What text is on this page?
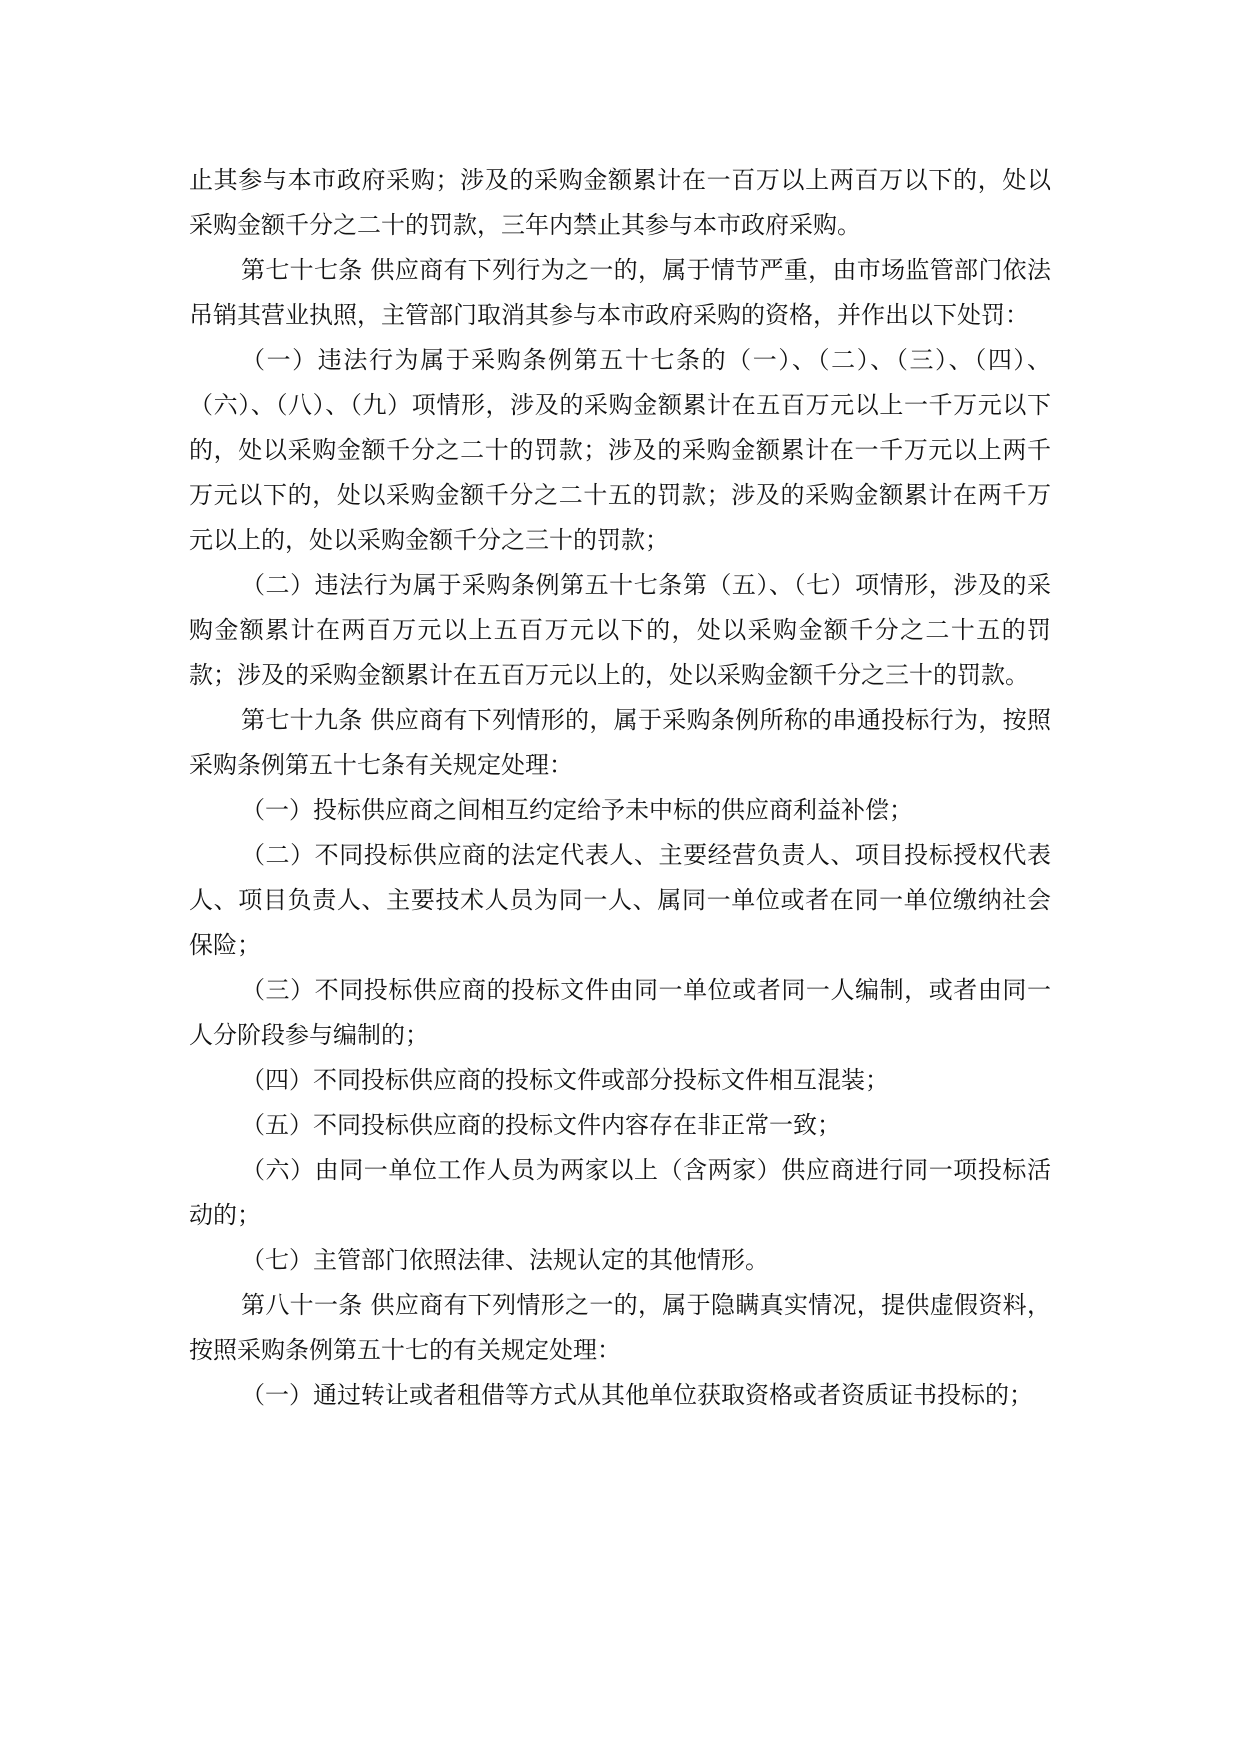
止其参与本市政府采购；涉及的采购金额累计在一百万以上两百万以下的，处以采购金额千分之二十的罚款，三年内禁止其参与本市政府采购。

第七十七条 供应商有下列行为之一的，属于情节严重，由市场监管部门依法吊销其营业执照，主管部门取消其参与本市政府采购的资格，并作出以下处罚：

（一）违法行为属于采购条例第五十七条的（一）、（二）、（三）、（四）、（六）、（八）、（九）项情形，涉及的采购金额累计在五百万元以上一千万元以下的，处以采购金额千分之二十的罚款；涉及的采购金额累计在一千万元以上两千万元以下的，处以采购金额千分之二十五的罚款；涉及的采购金额累计在两千万元以上的，处以采购金额千分之三十的罚款；

（二）违法行为属于采购条例第五十七条第（五）、（七）项情形，涉及的采购金额累计在两百万元以上五百万元以下的，处以采购金额千分之二十五的罚款；涉及的采购金额累计在五百万元以上的，处以采购金额千分之三十的罚款。

第七十九条 供应商有下列情形的，属于采购条例所称的串通投标行为，按照采购条例第五十七条有关规定处理：

（一）投标供应商之间相互约定给予未中标的供应商利益补偿；

（二）不同投标供应商的法定代表人、主要经营负责人、项目投标授权代表人、项目负责人、主要技术人员为同一人、属同一单位或者在同一单位缴纳社会保险；

（三）不同投标供应商的投标文件由同一单位或者同一人编制，或者由同一人分阶段参与编制的；

（四）不同投标供应商的投标文件或部分投标文件相互混装；

（五）不同投标供应商的投标文件内容存在非正常一致；

（六）由同一单位工作人员为两家以上（含两家）供应商进行同一项投标活动的；

（七）主管部门依照法律、法规认定的其他情形。

第八十一条 供应商有下列情形之一的，属于隐瞒真实情况，提供虚假资料，按照采购条例第五十七的有关规定处理：

（一）通过转让或者租借等方式从其他单位获取资格或者资质证书投标的；
